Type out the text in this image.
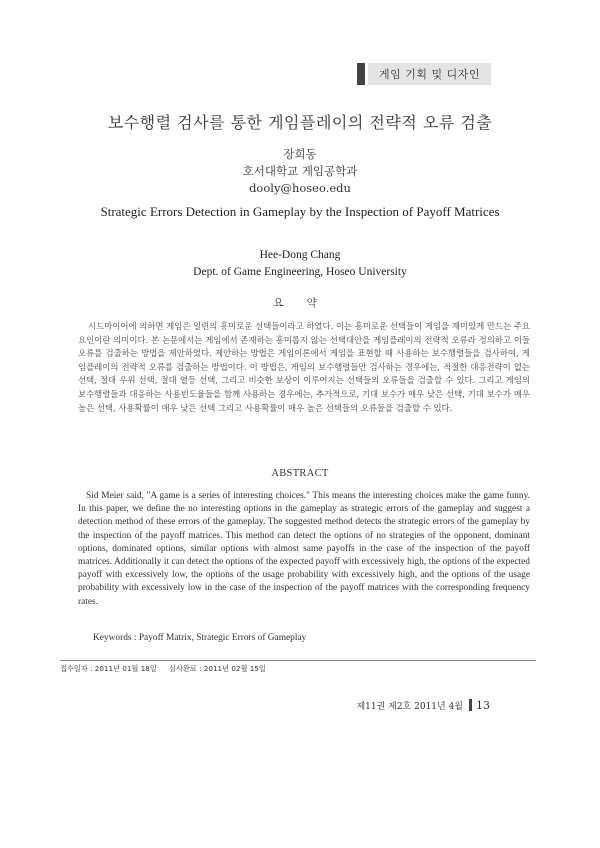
게임 기획 및 디자인
보수행렬 검사를 통한 게임플레이의 전략적 오류 검출
장희동
호서대학교 게임공학과
dooly@hoseo.edu
Strategic Errors Detection in Gameplay by the Inspection of Payoff Matrices
Hee-Dong Chang
Dept. of Game Engineering, Hoseo University
요 약

시드마이어에 의하면 게임은 일련의 흥미로운 선택들이라고 하였다. 이는 흥미로운 선택들이 게임을 재미있게 만드는 주요 요인이란 의미이다. 본 논문에서는 게임에서 존재하는 흥미롭지 않는 선택대안을 게임플레이의 전략적 오류라 정의하고 이들 오류를 검출하는 방법을 제안하였다. 제안하는 방법은 게임이론에서 게임을 표현할 때 사용하는 보수행렬들을 검사하여, 게임플레이의 전략적 오류를 검출하는 방법이다. 이 방법은, 게임의 보수행렬들만 검사하는 경우에는, 적절한 대응전략이 없는 선택, 절대 우위 선택, 절대 열등 선택, 그리고 비슷한 보상이 이루어지는 선택들의 오류들을 검출할 수 있다. 그리고 게임의 보수행렬들과 대응하는 사용빈도율들을 함께 사용하는 경우에는, 추가적으로, 기대 보수가 매우 낮은 선택, 기대 보수가 매우 높은 선택, 사용확률이 매우 낮은 선택 그리고 사용확률이 매우 높은 선택들의 오류들을 검출할 수 있다.

ABSTRACT

Sid Meier said, "A game is a series of interesting choices." This means the interesting choices make the game funny. In this paper, we define the no interesting options in the gameplay as strategic errors of the gameplay and suggest a detection method of these errors of the gameplay. The suggested method detects the strategic errors of the gameplay by the inspection of the payoff matrices. This method can detect the options of no strategies of the opponent, dominant options, dominated options, similar options with almost same payoffs in the case of the inspection of the payoff matrices. Additionally it can detect the options of the expected payoff with excessively high, the options of the expected payoff with excessively low, the options of the usage probability with excessively high, and the options of the usage probability with excessively low in the case of the inspection of the payoff matrices with the corresponding frequency rates.

Keywords : Payoff Matrix, Strategic Errors of Gameplay

접수일자 : 2011년 01월 18일 심사완료 : 2011년 02월 15일
제11권 제2호 2011년 4월 13
